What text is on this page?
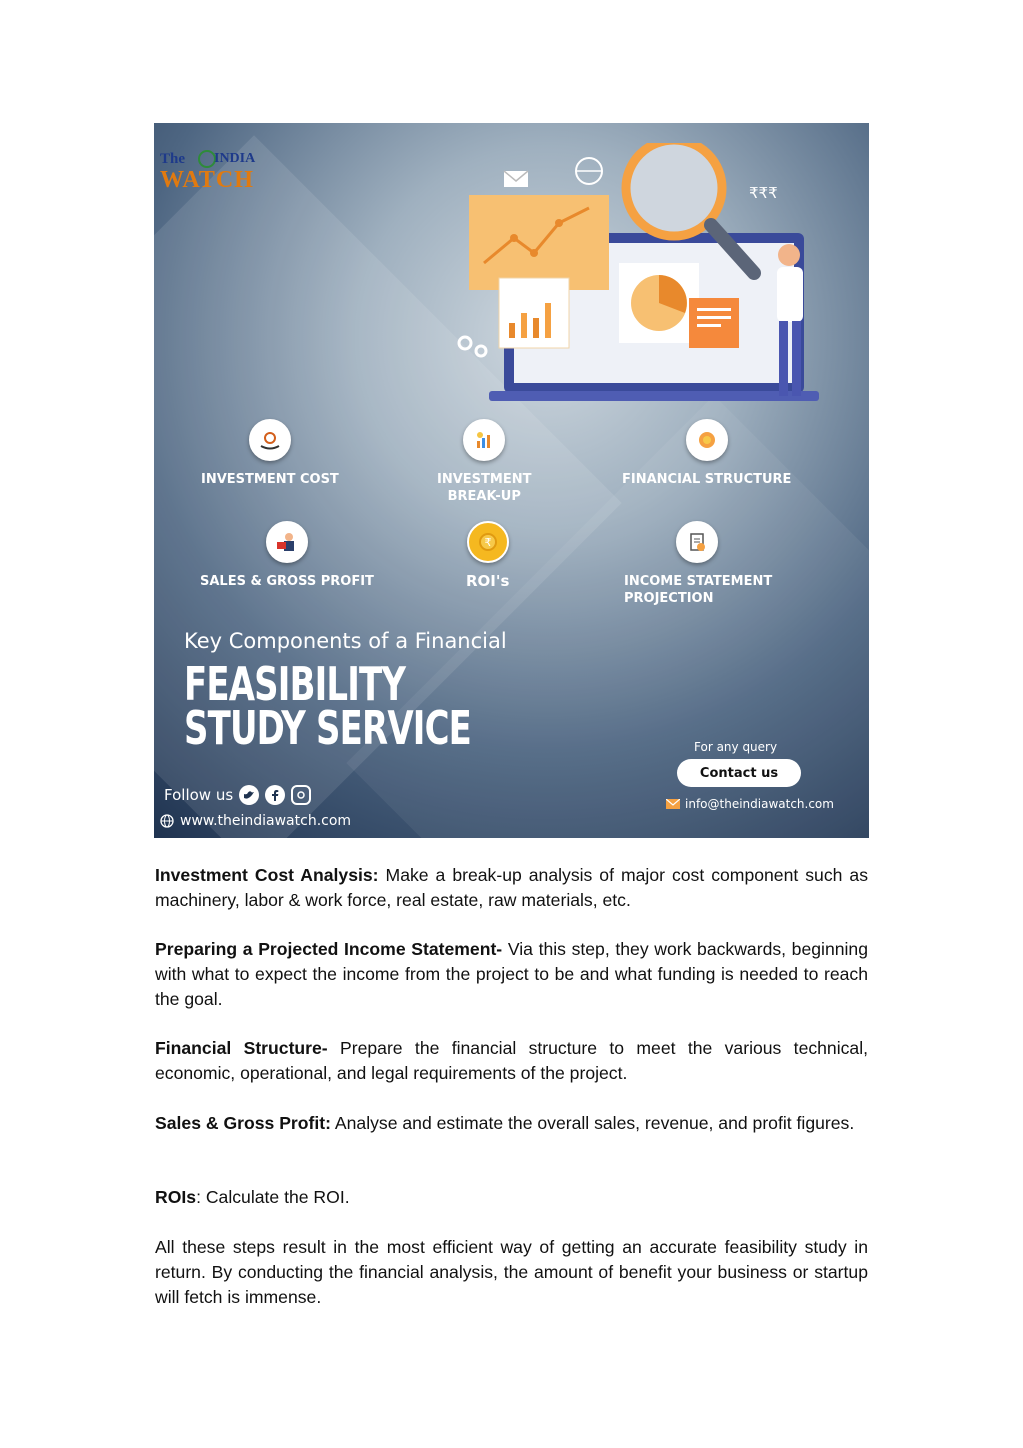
The INDIA
WATCH	₹₹₹
INVESTMENT COST	INVESTMENT
BREAK-UP
FINANCIAL STRUCTURE
SALES & GROSS PROFIT
₹
ROI's	INCOME STATEMENT
PROJECTION
Key Components of a Financial
FEASIBILITY
STUDY SERVICE	For any query
Contact us
info@theindiawatch.com
Follow us
www.theindiawatch.com
Investment Cost Analysis: Make a break-up analysis of major cost component such as machinery, labor & work force, real estate, raw materials, etc.
Preparing a Projected Income Statement- Via this step, they work backwards, beginning with what to expect the income from the project to be and what funding is needed to reach the goal.
Financial Structure- Prepare the financial structure to meet the various technical, economic, operational, and legal requirements of the project.
Sales & Gross Profit: Analyse and estimate the overall sales, revenue, and profit figures.
ROIs: Calculate the ROI.
All these steps result in the most efficient way of getting an accurate feasibility study in return. By conducting the financial analysis, the amount of benefit your business or startup will fetch is immense.
